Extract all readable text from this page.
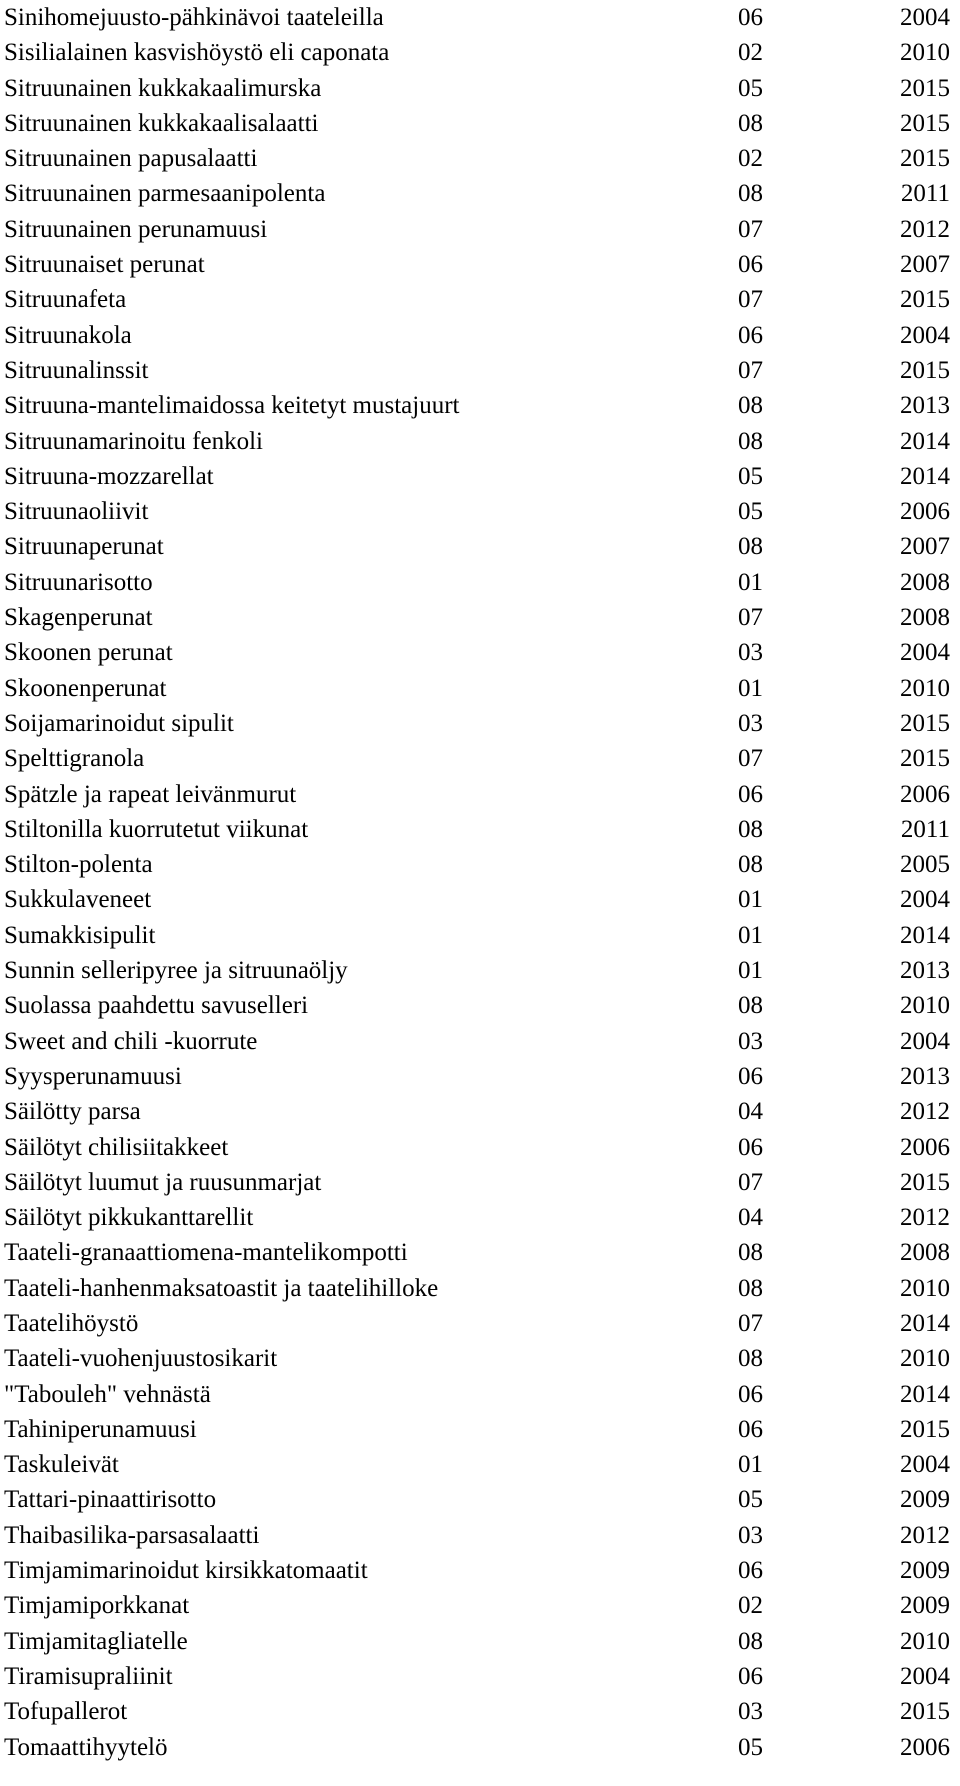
Sinihomejuusto-pähkinävoi taateleilla	06	2004
Sisilialainen kasvishöystö eli caponata	02	2010
Sitruunainen kukkakaalimurska	05	2015
Sitruunainen kukkakaalisalaatti	08	2015
Sitruunainen papusalaatti	02	2015
Sitruunainen parmesaanipolenta	08	2011
Sitruunainen perunamuusi	07	2012
Sitruunaiset perunat	06	2007
Sitruunafeta	07	2015
Sitruunakola	06	2004
Sitruunalinssit	07	2015
Sitruuna-mantelimaidossa keitetyt mustajuurt	08	2013
Sitruunamarinoitu fenkoli	08	2014
Sitruuna-mozzarellat	05	2014
Sitruunaoliivit	05	2006
Sitruunaperunat	08	2007
Sitruunarisotto	01	2008
Skagenperunat	07	2008
Skoonen perunat	03	2004
Skoonenperunat	01	2010
Soijamarinoidut sipulit	03	2015
Spelttigranola	07	2015
Spätzle ja rapeat leivänmurut	06	2006
Stiltonilla kuorrutetut viikunat	08	2011
Stilton-polenta	08	2005
Sukkulaveneet	01	2004
Sumakkisipulit	01	2014
Sunnin selleripyree ja sitruunaöljy	01	2013
Suolassa paahdettu savuselleri	08	2010
Sweet and chili -kuorrute	03	2004
Syysperunamuusi	06	2013
Säilötty parsa	04	2012
Säilötyt chilisiitakkeet	06	2006
Säilötyt luumut ja ruusunmarjat	07	2015
Säilötyt pikkukanttarellit	04	2012
Taateli-granaattiomena-mantelikompotti	08	2008
Taateli-hanhenmaksatoastit ja taatelihilloke	08	2010
Taatelihöystö	07	2014
Taateli-vuohenjuustosikarit	08	2010
"Tabouleh" vehnästä	06	2014
Tahiniperunamuusi	06	2015
Taskuleivät	01	2004
Tattari-pinaattirisotto	05	2009
Thaibasilika-parsasalaatti	03	2012
Timjamimarinoidut kirsikkatomaatit	06	2009
Timjamiporkkanat	02	2009
Timjamitagliatelle	08	2010
Tiramisupraliinit	06	2004
Tofupallerot	03	2015
Tomaattihyytelö	05	2006
